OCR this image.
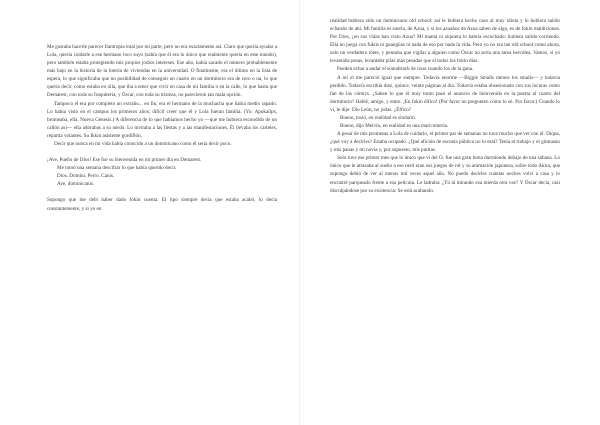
Me gustaba hacerle parecer Ilantropia total por mi parte, pero no era exactamente así. Claro que quería ayudar a Lola, quería cuidarle a ese hermano loco suyo (sabía que él era lo único que realmente quería en este mundo), pero también estaba protegiendo mis propios jodios intereses. Ese año, había sacado el número probablemente más bajo en la historia de la lotería de viviendas en la universidad. O finalmente, era el último en la lista de espera, lo que significaba que no posibilidad de conseguir un cuarto en un dormitorio era de cero o na, lo que quería decir, como estaba en olla, que iba a tener que vivir en casa de mi familia o en la calle, lo que hasta que Demarest, con toda su fraquiteria, y Óscar, con toda su tristeza, no parecieron tan mala opción.

Tampoco él era por completo un extraño... en fin, era el hermano de la muchacha que había medio rapado. Lo había visto en el campus los primeros años; difícil creer que él y Lola fueran familia. (Yo: Apokalips, bromeaba, ella. Nueva Génesis.) A diferencia de lo que habíamos hecho yo —que me hubiera escondido de un callón así— ella adorabas a su nerdo. Lo invitaba a las fiestas y a las manifestaciones. Él llevaba los carteles, repartía volantes. Su Ikkin asistente gordiflón.

Decir que nunca en mi vida había conocido a un dominicano como él sería decir poco.

¡Ave, Pueño de Dios! Ese fue su bienvenida en mi primer día en Demarest.

Me tomó una semana descifrar lo que había querido decir.

Dios. Domini. Perro. Canis.

Ave, dominicanis.

Supongo que me debí haber dado fokin cuenta. El tipo siempre decía que estaba acabó, lo decía constantemente, y si yo en

realidad hubiera sido un dominicano old school: así le hubiera hecho caso al muy idiota y lo hubiera salido echando de ahí. Mi familia es suerla, de Azua, y si los azuaños de Azua saben de algo, es de fokin maldiciones. Por Dios, ¿en sus vidas han visto Azua? Mi mamá ni siquiera lo habría escuchado: hubiera salido corriendo. Ella no juega con fukús ni guangüas ni nada de eso por nada la vida. Pero yo no era tan old school como ahora, solo un verdadero tóete, y pensaba que vigilar a alguien como Óscar no sería una tarea hercúlea. Vamos, si yo levantaba pesas, levantaba pilas más pesadas que el todos los fokin días.

Pueden echar a andar el soundtrack de risas cuando los de la gana.

A mí el me pareció igual que siempre. Todavía enorme —Biggie Smalls menos los smalls— y todavía perdido. Todavía escribía diez, quince, veinte páginas al día. Todavía estaba obsesionado con sus locuras como fan de los cómics. ¿Saben lo que él muy tonto pasó el anuncio de bienvenida en la puerta al cuarto del dormitorio? Hablé, amigo, y entre. ¡En fokin élfico! (Por favor no pregunten cómo lo sé. Por favor.) Cuando lo vi, le dije: Dio León, no jodas. ¿Élfico?

Bueno, tosió, en realidad es sindarín.

Bueno, dijo Melvin, en realidad es una maricomería.

A pesar de mis promesas a Lola de cuidarlo, el primer par de semanas no tuve mucho que ver con él. Diqua, ¿qué voy a decirles? Estaba ocupado. ¿Qué afición de escuela pública no lo está? Tenía el trabajo y el gimnasio y mis panas y mi novia y, por supuesto, mis putitas.

Solo tuve ese primer mes que lo único que vi del O. fue una gran loma durmiendo debajo de una sábana. Lo único que le atrasaba al sueño a ese nerd eran sus juegos de rol y su animación japonesa, sobre todo Akira, que supongo debió de ver al menos mil veces aquel año. No puedo decirles cuántas noches volví a casa y lo encontré parqueado frente a esa película. Le ladraba: ¿Tú tá mirando esa mierda otra vez? Y Óscar decía, casi disculpándose por su existencia: Se está acabando.
